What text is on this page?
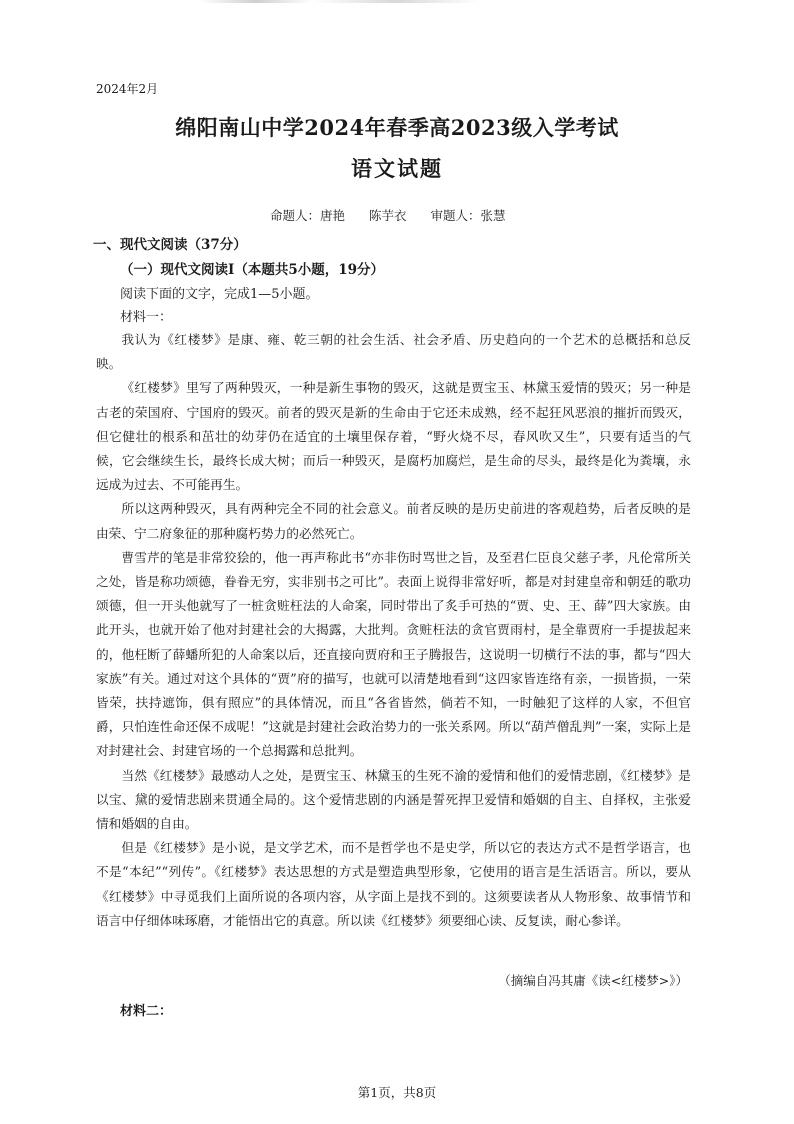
2024年2月
绵阳南山中学2024年春季高2023级入学考试
语文试题
命题人：唐艳 陈芋衣 审题人：张慧
一、现代文阅读（37分）
（一）现代文阅读Ⅰ（本题共5小题，19分）
阅读下面的文字，完成1—5小题。
材料一：

我认为《红楼梦》是康、雍、乾三朝的社会生活、社会矛盾、历史趋向的一个艺术的总概括和总反映。

《红楼梦》里写了两种毁灭，一种是新生事物的毁灭，这就是贾宝玉、林黛玉爱情的毁灭；另一种是古老的荣国府、宁国府的毁灭。前者的毁灭是新的生命由于它还未成熟，经不起狂风恶浪的摧折而毁灭，但它健壮的根系和茁壮的幼芽仍在适宜的土壤里保存着，“野火烧不尽，春风吹又生”，只要有适当的气候，它会继续生长，最终长成大树；而后一种毁灭，是腐朽加腐烂，是生命的尽头，最终是化为粪壤，永远成为过去、不可能再生。

所以这两种毁灭，具有两种完全不同的社会意义。前者反映的是历史前进的客观趋势，后者反映的是由荣、宁二府象征的那种腐朽势力的必然死亡。

曹雪芹的笔是非常狡狯的，他一再声称此书“亦非伤时骂世之旨，及至君仁臣良父慈子孝，凡伦常所关之处，皆是称功颂德，眷眷无穷，实非别书之可比”。表面上说得非常好听，都是对封建皇帝和朝廷的歌功颂德，但一开头他就写了一桩贪赃枉法的人命案，同时带出了炙手可热的“贾、史、王、薛”四大家族。由此开头，也就开始了他对封建社会的大揭露，大批判。贪赃枉法的贪官贾雨村，是全靠贾府一手提拔起来的，他枉断了薛蟠所犯的人命案以后，还直接向贾府和王子腾报告，这说明一切横行不法的事，都与“四大家族”有关。通过对这个具体的“贾”府的描写，也就可以清楚地看到“这四家皆连络有亲，一损皆损，一荣皆荣，扶持遮饰，俱有照应”的具体情况，而且“各省皆然，倘若不知，一时触犯了这样的人家，不但官爵，只怕连性命还保不成呢！”这就是封建社会政治势力的一张关系网。所以“葫芦僧乱判”一案，实际上是对封建社会、封建官场的一个总揭露和总批判。

当然《红楼梦》最感动人之处，是贾宝玉、林黛玉的生死不渝的爱情和他们的爱情悲剧，《红楼梦》是以宝、黛的爱情悲剧来贯通全局的。这个爱情悲剧的内涵是誓死捍卫爱情和婚姻的自主、自择权，主张爱情和婚姻的自由。

但是《红楼梦》是小说，是文学艺术，而不是哲学也不是史学，所以它的表达方式不是哲学语言，也不是“本纪”“列传”。《红楼梦》表达思想的方式是塑造典型形象，它使用的语言是生活语言。所以，要从《红楼梦》中寻觅我们上面所说的各项内容，从字面上是找不到的。这须要读者从人物形象、故事情节和语言中仔细体味琢磨，才能悟出它的真意。所以读《红楼梦》须要细心读、反复读，耐心参详。

（摘编自冯其庸《读<红楼梦>》）
材料二：
第1页，共8页
